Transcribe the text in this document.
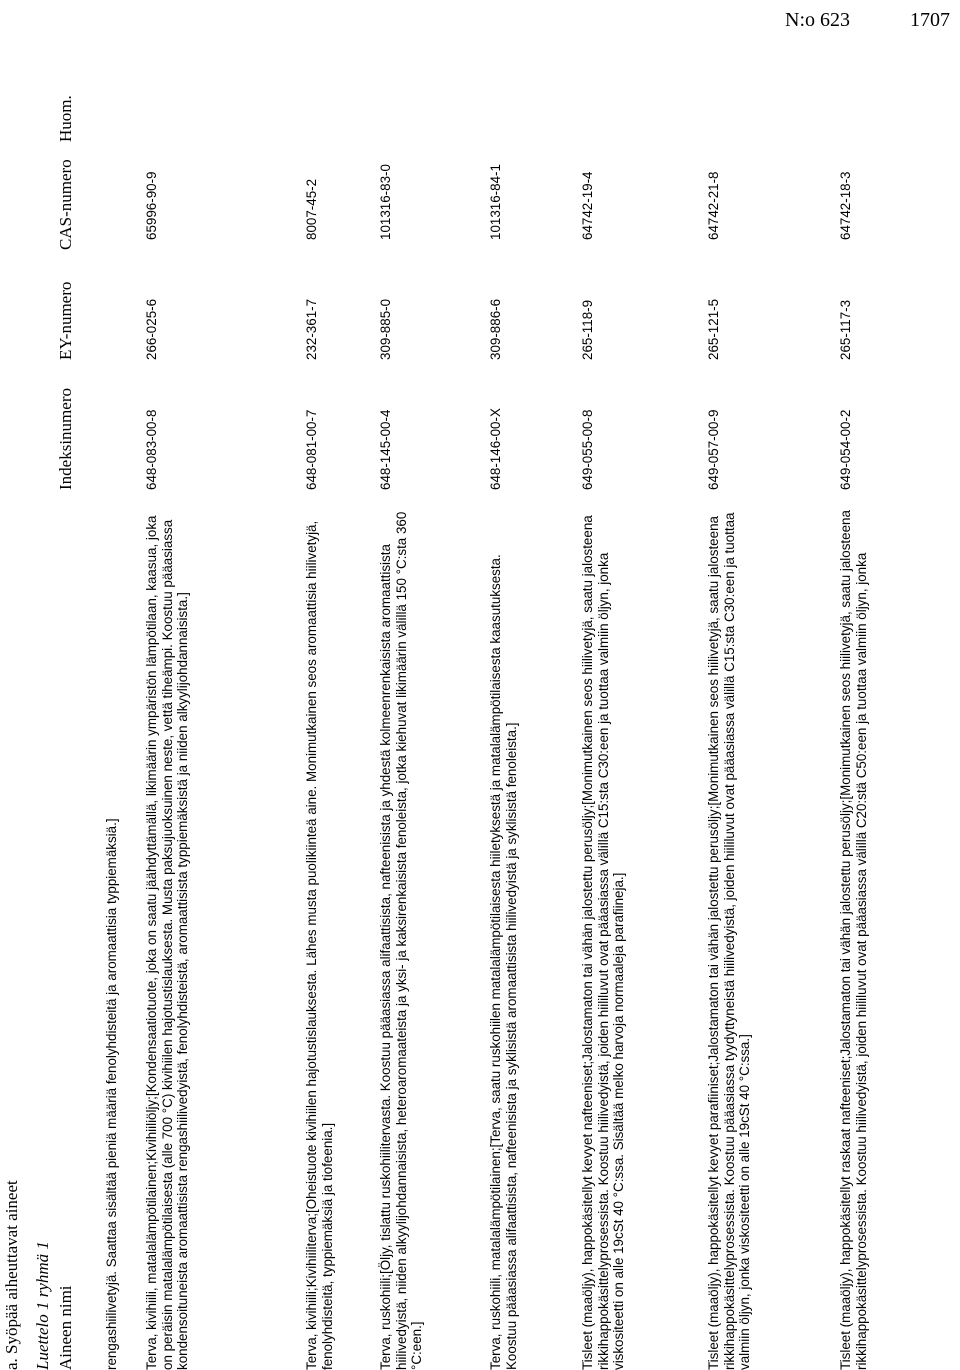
N:o 623	1707
a. Syöpää aiheuttavat aineet Luettelo 1 ryhmä 1 Aineen nimi
Indeksinumero
EY-numero
CAS-numero
Huom.
rengashiilivetyjä. Saattaa sisältää pieniä määriä fenolyhdisteitä ja aromaattisia typpiemäksiä.] Terva, kivihiili, matalalämpötilainen;Kivihiiliöljy;[Kondensaatiotuote, joka on saatu jäähdyttämällä, likimäärin ympäristön lämpötilaan, kaasua, joka on peräisin matalalämpötilaisesta (alle 700 °C) kivihiilen hajotustislauksesta. Musta paksujuoksuinen neste, vettä tiheämpi. Koostuu pääasiassa kondensoituneista aromaattisista rengashiilivedyistä, fenolyhdisteistä, aromaattisista typpiemäksistä ja niiden alkyylijohdannaisista.]
648-083-00-8
266-025-6
65996-90-9
Terva, kivihiili;Kivihiiliterva;[Oheistuote kivihiilen hajotustislauksesta. Lähes musta puolikiinteä aine. Monimutkainen seos aromaattisia hiilivetyjä, fenolyhdisteitä, typpiemäksiä ja tiofeenia.]
648-081-00-7
232-361-7
8007-45-2
Terva, ruskohiili;[Öljy, tislattu ruskohiilitervasta. Koostuu pääasiassa alifaattisista, nafteenisista ja yhdestä kolmeenrenkaisista aromaattisista hiilivedyistä, niiden alkyylijohdannaisista, heteroaromaateista ja yksi- ja kaksirenkaisista fenoleista, jotka kiehuvat likimäärin välillä 150 °C:sta 360 °C:een.]
648-145-00-4
309-885-0
101316-83-0
Terva, ruskohiili, matalalämpötilainen;[Terva, saatu ruskohiilen matalalämpötilaisesta hiiletyksestä ja matalalämpötilaisesta kaasutuksesta. Koostuu pääasiassa alifaattisista, nafteenisista ja syklisistä aromaattisista hiilivedyistä ja syklisistä fenoleista.]
648-146-00-X
309-886-6
101316-84-1
Tisleet (maaöljy), happokäsitellyt kevyet nafteeniset;Jalostamaton tai vähän jalostettu perusöljy;[Monimutkainen seos hiilivetyjä, saatu jalosteena rikkihappokäsittelyprosessista. Koostuu hiilivedyistä, joiden hiililuvut ovat pääasiassa välillä C15:sta C30:een ja tuottaa valmiin öljyn, jonka viskositeetti on alle 19cSt 40 °C:ssa. Sisältää melko harvoja normaaleja parafiineja.]
649-055-00-8
265-118-9
64742-19-4
Tisleet (maaöljy), happokäsitellyt kevyet parafiiniset;Jalostamaton tai vähän jalostettu perusöljy;[Monimutkainen seos hiilivetyjä, saatu jalosteena rikkihappokäsittelyprosessista. Koostuu pääasiassa tyydyttyneistä hiilivedyistä, joiden hiililuvut ovat pääasiassa välillä C15:sta C30:een ja tuottaa valmiin öljyn, jonka viskositeetti on alle 19cSt 40 °C:ssa.]
649-057-00-9
265-121-5
64742-21-8
Tisleet (maaöljy), happokäsitellyt raskaat nafteeniset;Jalostamaton tai vähän jalostettu perusöljy;[Monimutkainen seos hiilivetyjä, saatu jalosteena rikkihappokäsittelyprosessista. Koostuu hiilivedyistä, joiden hiililuvut ovat pääasiassa välillä C20:stä C50:een ja tuottaa valmiin öljyn, jonka
649-054-00-2
265-117-3
64742-18-3
